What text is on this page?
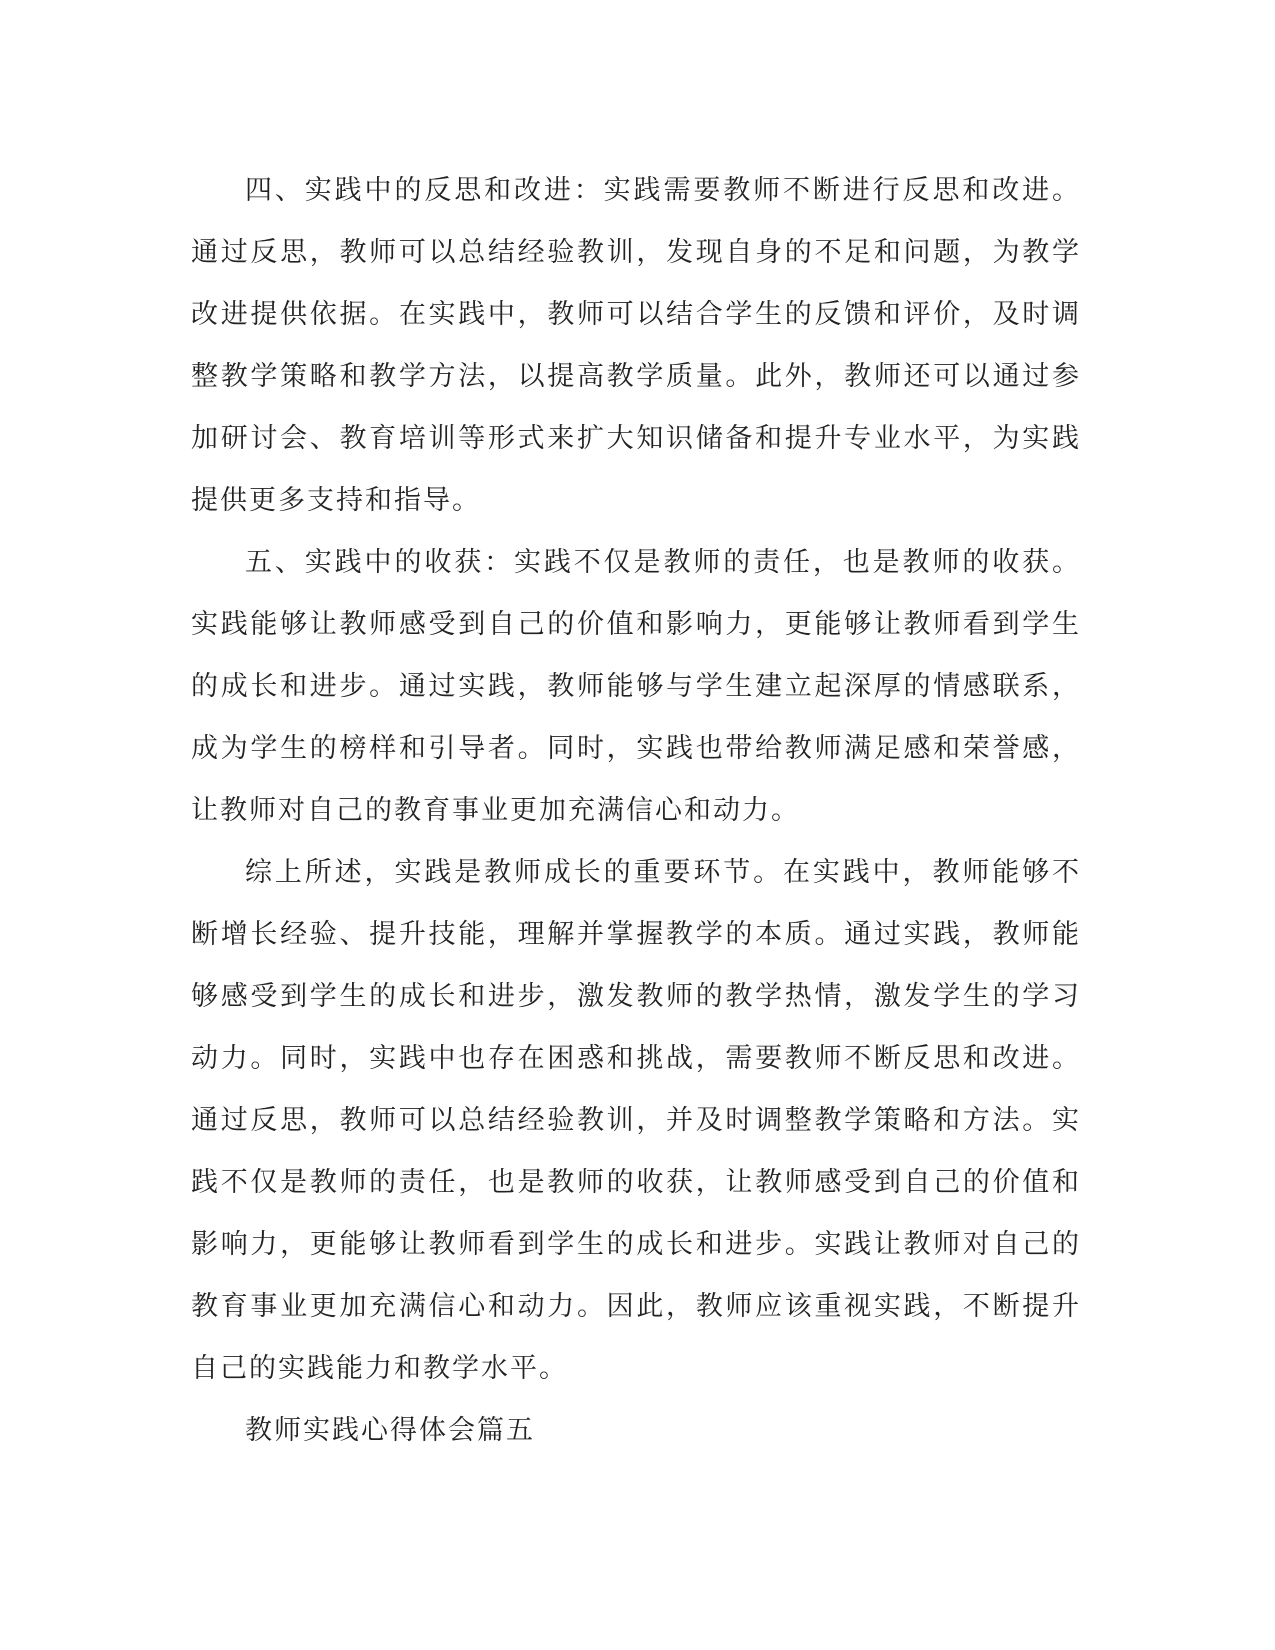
四、实践中的反思和改进：实践需要教师不断进行反思和改进。通过反思，教师可以总结经验教训，发现自身的不足和问题，为教学改进提供依据。在实践中，教师可以结合学生的反馈和评价，及时调整教学策略和教学方法，以提高教学质量。此外，教师还可以通过参加研讨会、教育培训等形式来扩大知识储备和提升专业水平，为实践提供更多支持和指导。

五、实践中的收获：实践不仅是教师的责任，也是教师的收获。实践能够让教师感受到自己的价值和影响力，更能够让教师看到学生的成长和进步。通过实践，教师能够与学生建立起深厚的情感联系，成为学生的榜样和引导者。同时，实践也带给教师满足感和荣誉感，让教师对自己的教育事业更加充满信心和动力。

综上所述，实践是教师成长的重要环节。在实践中，教师能够不断增长经验、提升技能，理解并掌握教学的本质。通过实践，教师能够感受到学生的成长和进步，激发教师的教学热情，激发学生的学习动力。同时，实践中也存在困惑和挑战，需要教师不断反思和改进。通过反思，教师可以总结经验教训，并及时调整教学策略和方法。实践不仅是教师的责任，也是教师的收获，让教师感受到自己的价值和影响力，更能够让教师看到学生的成长和进步。实践让教师对自己的教育事业更加充满信心和动力。因此，教师应该重视实践，不断提升自己的实践能力和教学水平。

教师实践心得体会篇五
